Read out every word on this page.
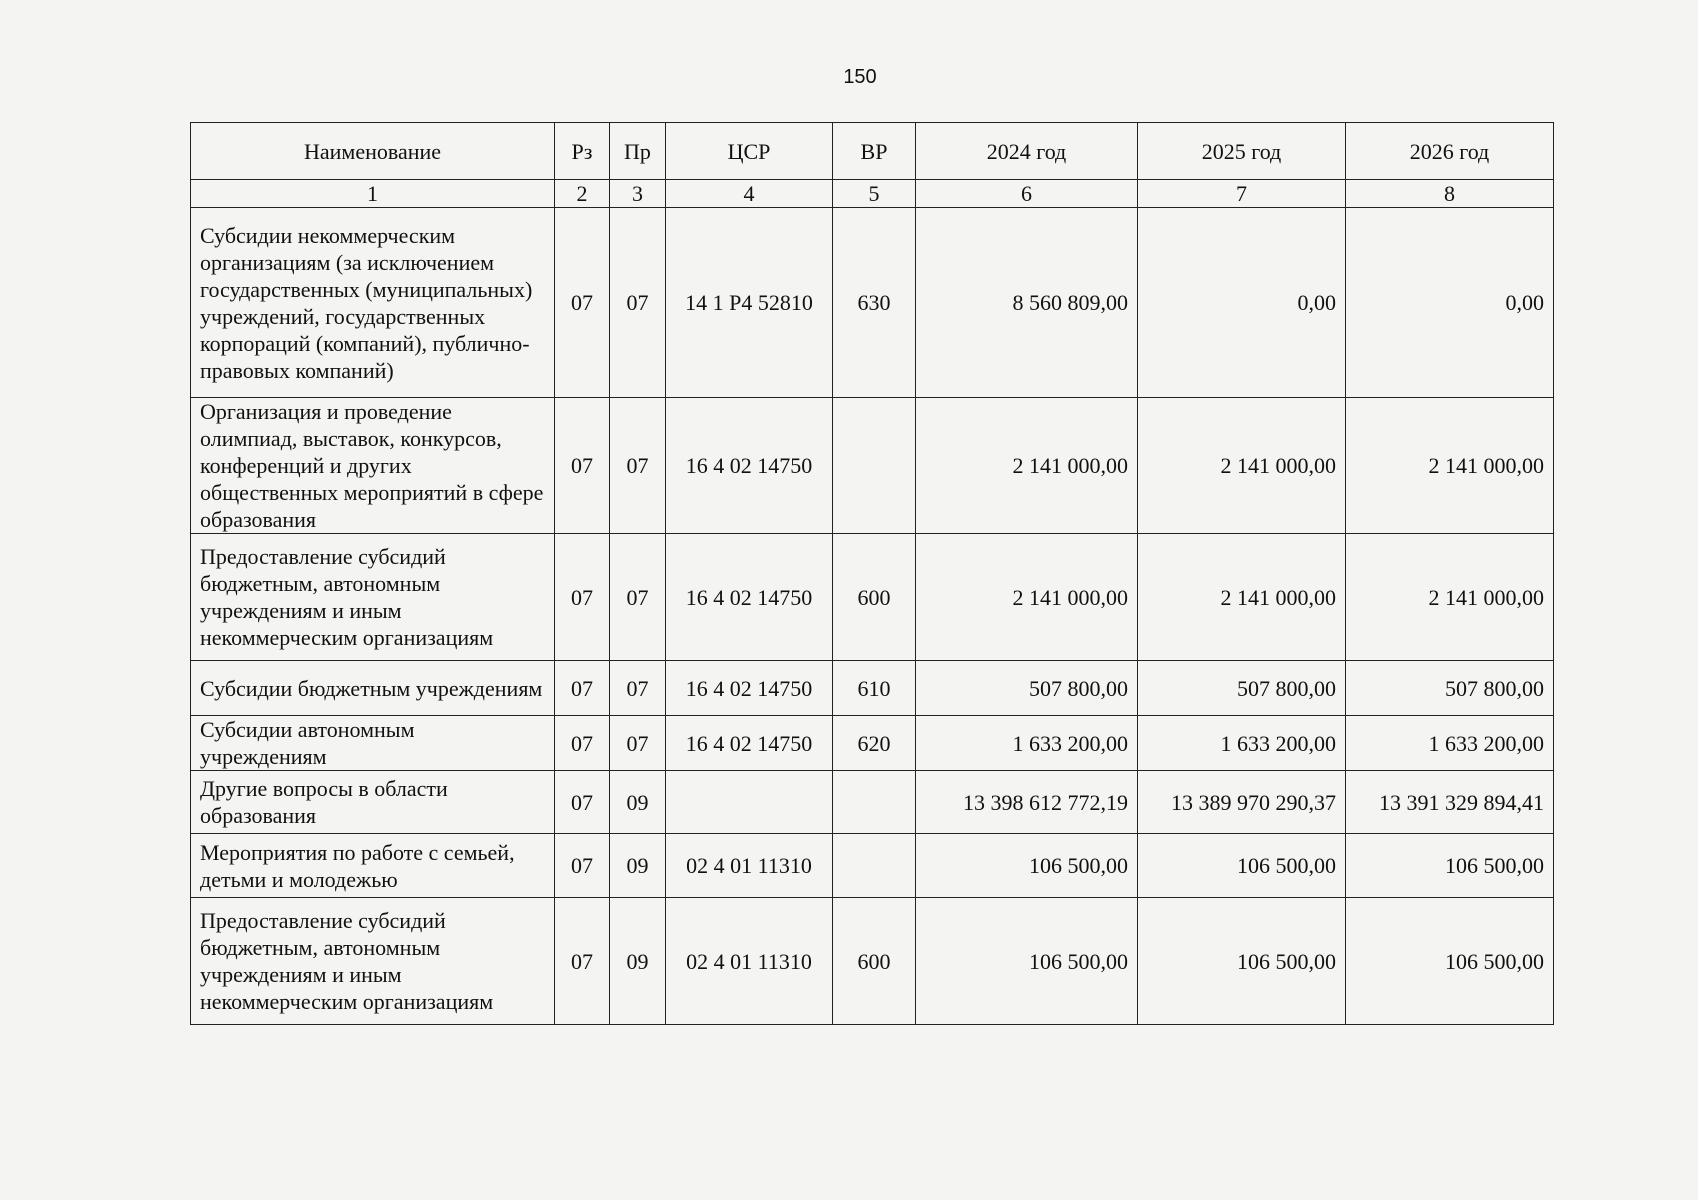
150
Наименование	Рз	Пр	ЦСР	ВР	2024 год	2025 год	2026 год
1	2	3	4	5	6	7	8
Субсидии некоммерческим организациям (за исключением государственных (муниципальных) учреждений, государственных корпораций (компаний), публично-правовых компаний)	07	07	14 1 Р4 52810	630	8 560 809,00	0,00	0,00
Организация и проведение олимпиад, выставок, конкурсов, конференций и других общественных мероприятий в сфере образования	07	07	16 4 02 14750		2 141 000,00	2 141 000,00	2 141 000,00
Предоставление субсидий бюджетным, автономным учреждениям и иным некоммерческим организациям	07	07	16 4 02 14750	600	2 141 000,00	2 141 000,00	2 141 000,00
Субсидии бюджетным учреждениям	07	07	16 4 02 14750	610	507 800,00	507 800,00	507 800,00
Субсидии автономным учреждениям	07	07	16 4 02 14750	620	1 633 200,00	1 633 200,00	1 633 200,00
Другие вопросы в области образования	07	09			13 398 612 772,19	13 389 970 290,37	13 391 329 894,41
Мероприятия по работе с семьей, детьми и молодежью	07	09	02 4 01 11310		106 500,00	106 500,00	106 500,00
Предоставление субсидий бюджетным, автономным учреждениям и иным некоммерческим организациям	07	09	02 4 01 11310	600	106 500,00	106 500,00	106 500,00
